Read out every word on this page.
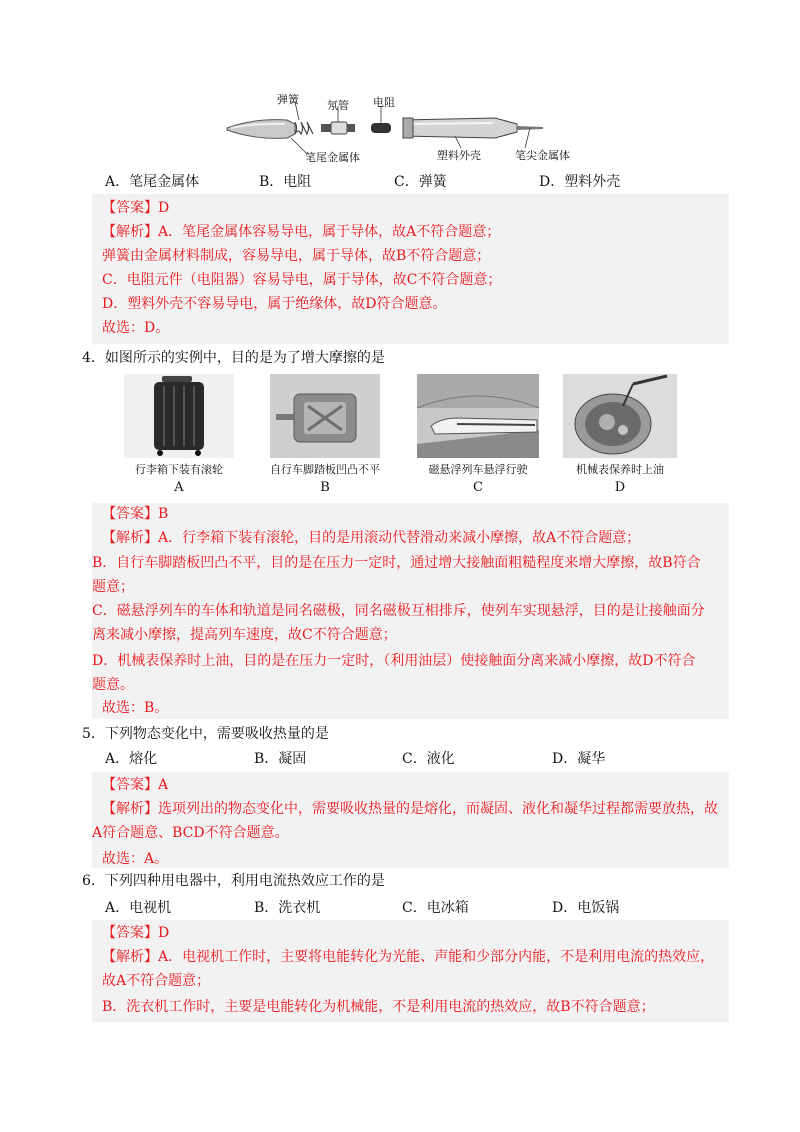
弹簧	氖管 电阻
笔尾金属体	塑料外壳	笔尖金属体
A．笔尾金属体	B．电阻	C．弹簧	D．塑料外壳
【答案】D
【解析】A．笔尾金属体容易导电，属于导体，故A不符合题意；
弹簧由金属材料制成，容易导电，属于导体，故B不符合题意；
C．电阻元件（电阻器）容易导电，属于导体，故C不符合题意；
D．塑料外壳不容易导电，属于绝缘体，故D符合题意。
故选：D。
4．如图所示的实例中，目的是为了增大摩擦的是
行李箱下装有滚轮	自行车脚踏板凹凸不平	磁悬浮列车悬浮行驶	机械表保养时上油
A	B	C	D
【答案】B
【解析】A．行李箱下装有滚轮，目的是用滚动代替滑动来减小摩擦，故A不符合题意；
B．自行车脚踏板凹凸不平，目的是在压力一定时，通过增大接触面粗糙程度来增大摩擦，故B符合
题意；
C．磁悬浮列车的车体和轨道是同名磁极，同名磁极互相排斥，使列车实现悬浮，目的是让接触面分
离来减小摩擦，提高列车速度，故C不符合题意；
D．机械表保养时上油，目的是在压力一定时，（利用油层）使接触面分离来减小摩擦，故D不符合
题意。
故选：B。
5．下列物态变化中，需要吸收热量的是
A．熔化	B．凝固	C．液化	D．凝华
【答案】A
【解析】选项列出的物态变化中，需要吸收热量的是熔化，而凝固、液化和凝华过程都需要放热，故
A符合题意、BCD不符合题意。
故选：A。
6．下列四种用电器中，利用电流热效应工作的是
A．电视机	B．洗衣机	C．电冰箱	D．电饭锅
【答案】D
【解析】A．电视机工作时，主要将电能转化为光能、声能和少部分内能，不是利用电流的热效应，
故A不符合题意；
B．洗衣机工作时，主要是电能转化为机械能，不是利用电流的热效应，故B不符合题意；
